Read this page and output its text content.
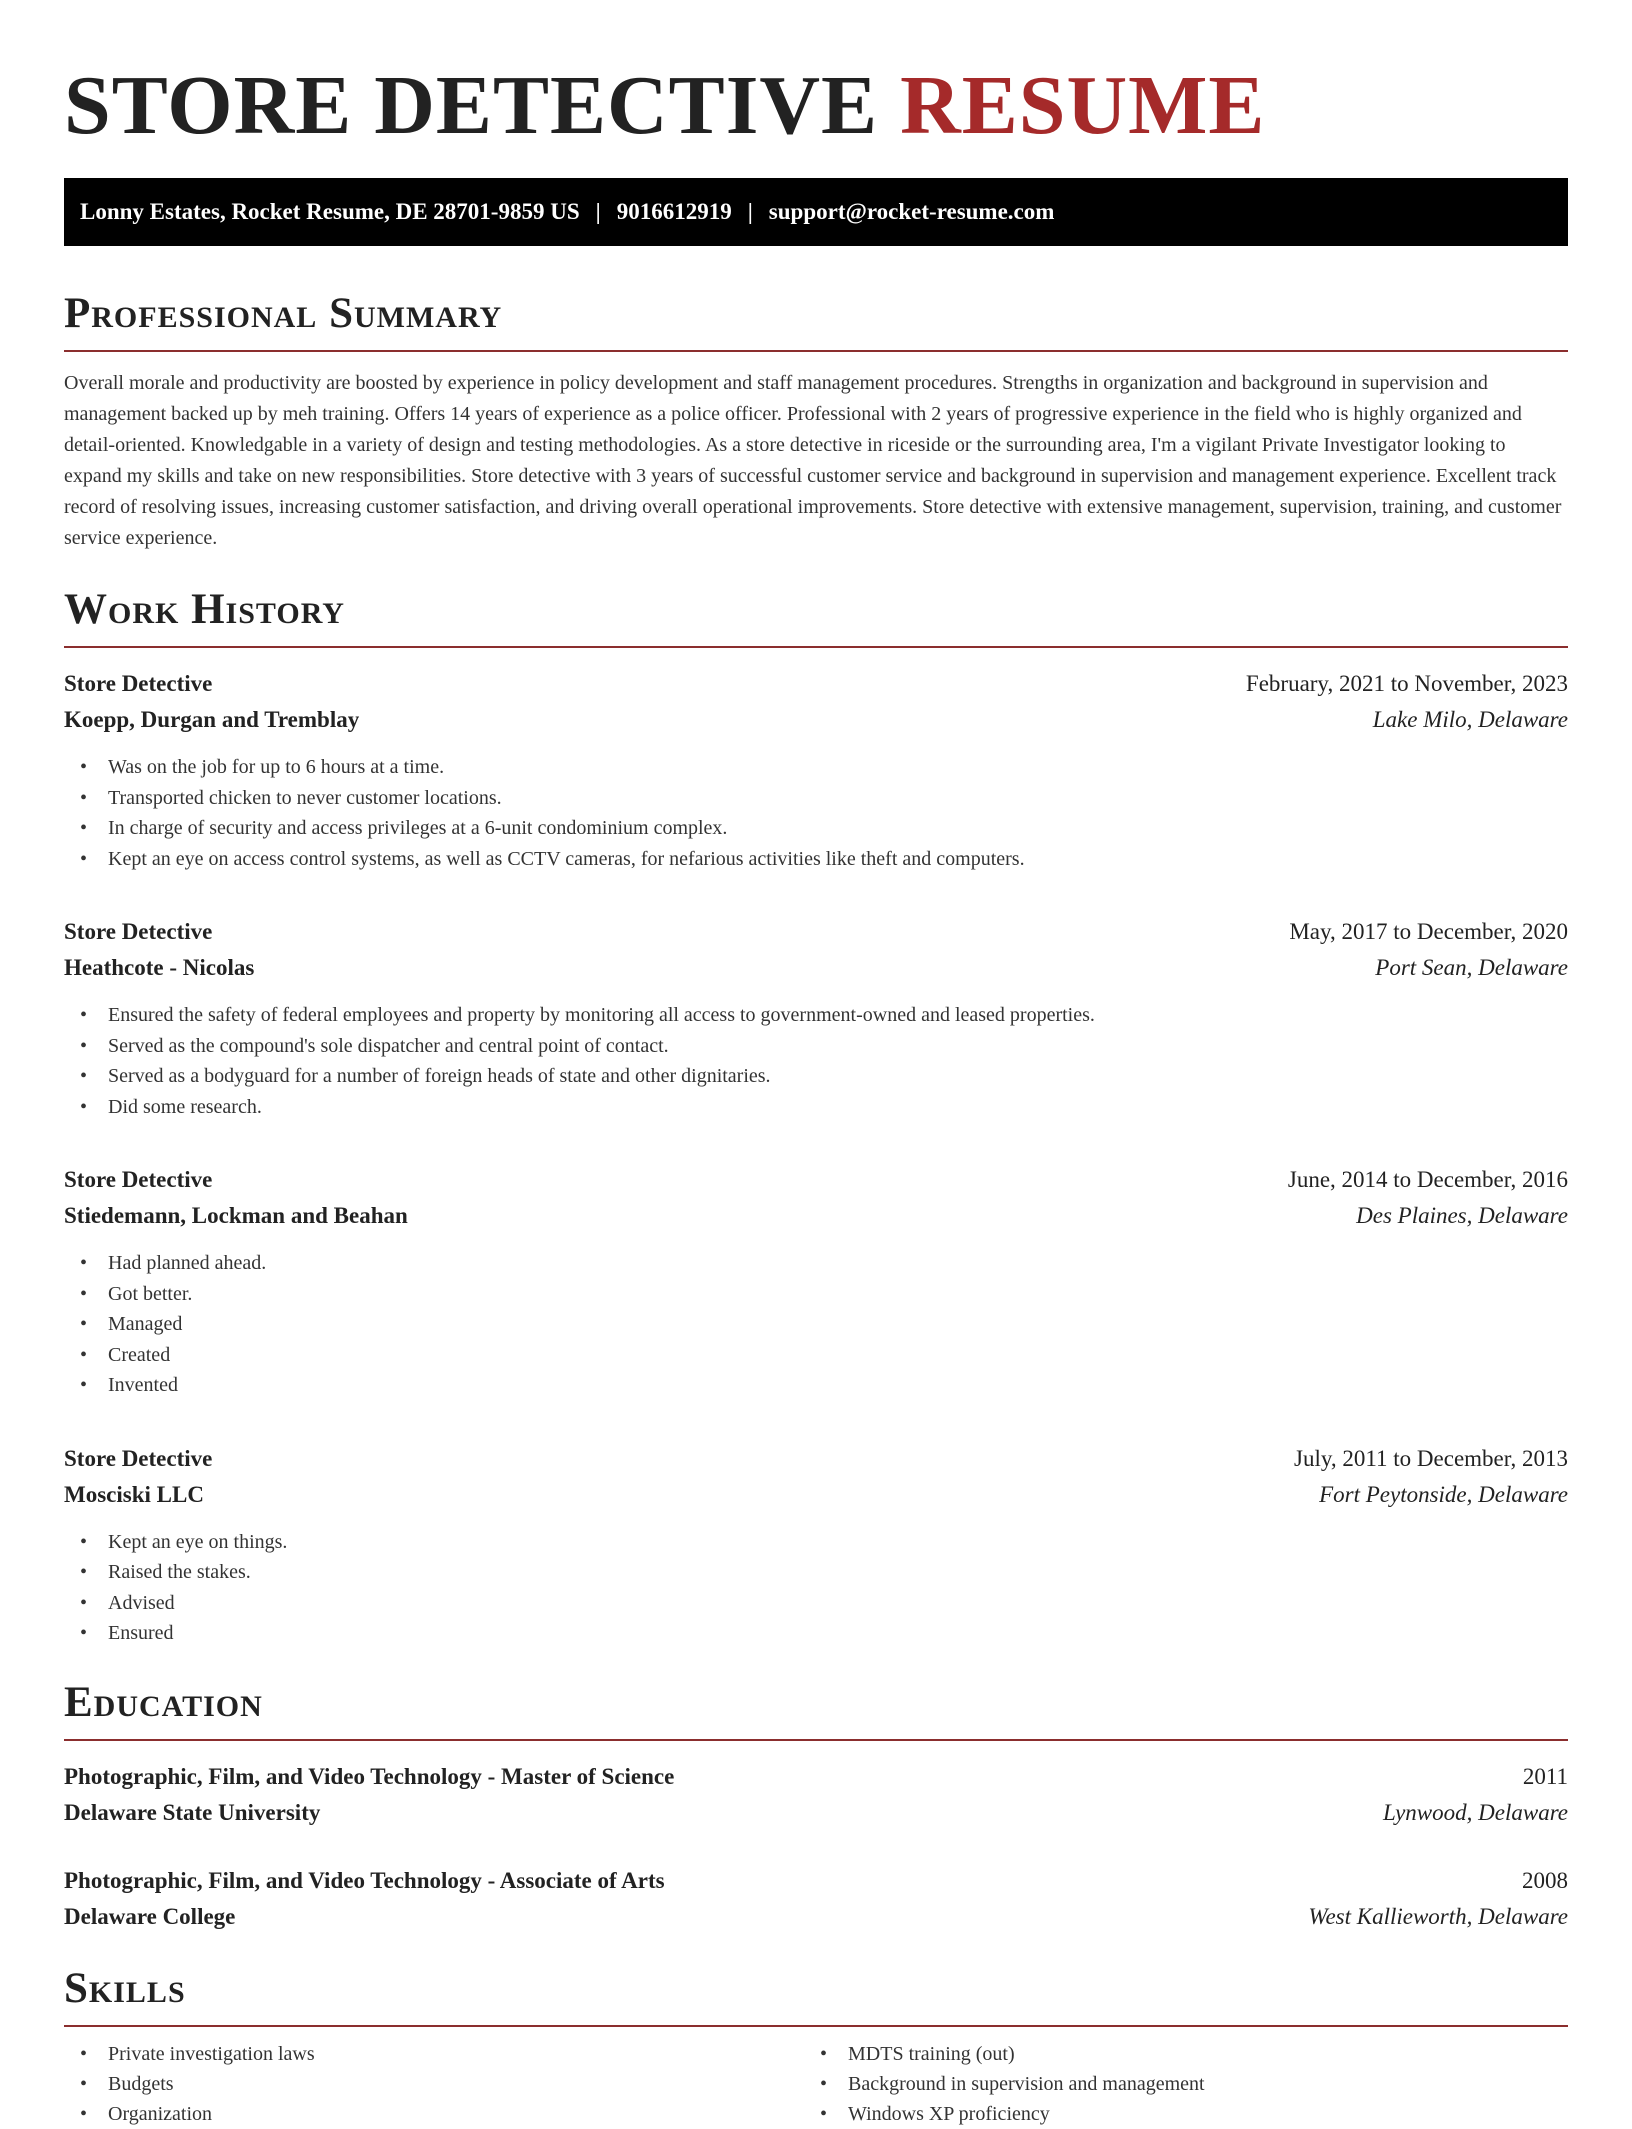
STORE DETECTIVE RESUME
Lonny Estates, Rocket Resume, DE 28701-9859 US | 9016612919 | support@rocket-resume.com
Professional Summary

Overall morale and productivity are boosted by experience in policy development and staff management procedures. Strengths in organization and background in supervision and management backed up by meh training. Offers 14 years of experience as a police officer. Professional with 2 years of progressive experience in the field who is highly organized and detail-oriented. Knowledgable in a variety of design and testing methodologies. As a store detective in riceside or the surrounding area, I'm a vigilant Private Investigator looking to expand my skills and take on new responsibilities. Store detective with 3 years of successful customer service and background in supervision and management experience. Excellent track record of resolving issues, increasing customer satisfaction, and driving overall operational improvements. Store detective with extensive management, supervision, training, and customer service experience.

Work History
Store Detective	February, 2021 to November, 2023
Koepp, Durgan and Tremblay	Lake Milo, Delaware
• Was on the job for up to 6 hours at a time.
• Transported chicken to never customer locations.
• In charge of security and access privileges at a 6-unit condominium complex.
• Kept an eye on access control systems, as well as CCTV cameras, for nefarious activities like theft and computers.
Store Detective	May, 2017 to December, 2020
Heathcote - Nicolas	Port Sean, Delaware
• Ensured the safety of federal employees and property by monitoring all access to government-owned and leased properties.
• Served as the compound's sole dispatcher and central point of contact.
• Served as a bodyguard for a number of foreign heads of state and other dignitaries.
• Did some research.
Store Detective	June, 2014 to December, 2016
Stiedemann, Lockman and Beahan	Des Plaines, Delaware
• Had planned ahead.
• Got better.
• Managed
• Created
• Invented
Store Detective	July, 2011 to December, 2013
Mosciski LLC	Fort Peytonside, Delaware
• Kept an eye on things.
• Raised the stakes.
• Advised
• Ensured
Education
Photographic, Film, and Video Technology - Master of Science	2011
Delaware State University	Lynwood, Delaware
Photographic, Film, and Video Technology - Associate of Arts	2008
Delaware College	West Kallieworth, Delaware
Skills
• Private investigation laws
• Budgets
• Organization
• MDTS training (out)
• Background in supervision and management
• Windows XP proficiency
